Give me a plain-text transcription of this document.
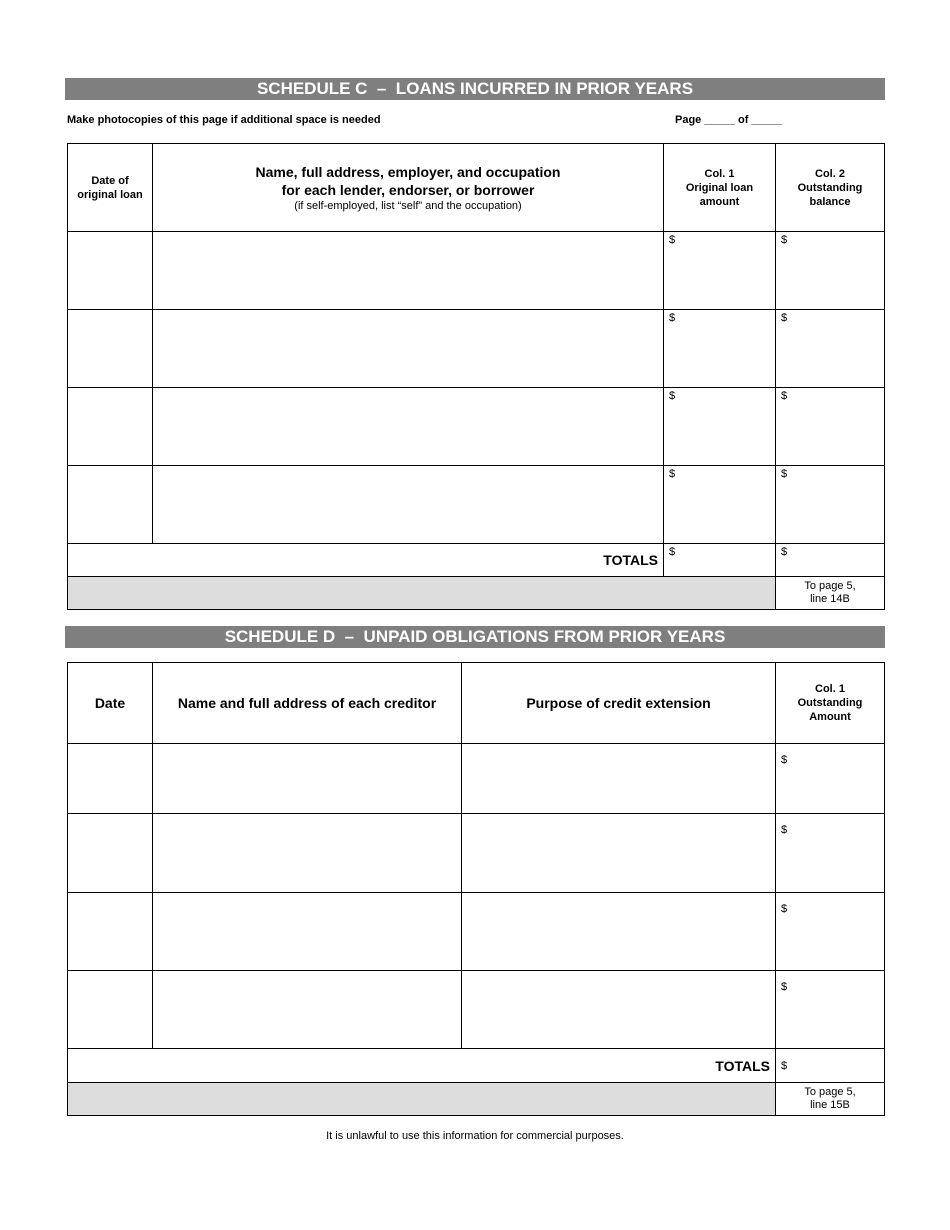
SCHEDULE C  –  LOANS INCURRED IN PRIOR YEARS
Make photocopies of this page if additional space is needed	Page _____ of _____
Date of
original loan	Name, full address, employer, and occupation
for each lender, endorser, or borrower
(if self-employed, list “self” and the occupation)	Col. 1
Original loan
amount	Col. 2
Outstanding
balance
		$	$
		$	$
		$	$
		$	$
TOTALS		$	$
			To page 5,
line 14B
SCHEDULE D  –  UNPAID OBLIGATIONS FROM PRIOR YEARS
Date	Name and full address of each creditor	Purpose of credit extension	Col. 1
Outstanding
Amount
			$
			$
			$
			$
TOTALS			$
			To page 5,
line 15B
It is unlawful to use this information for commercial purposes.
